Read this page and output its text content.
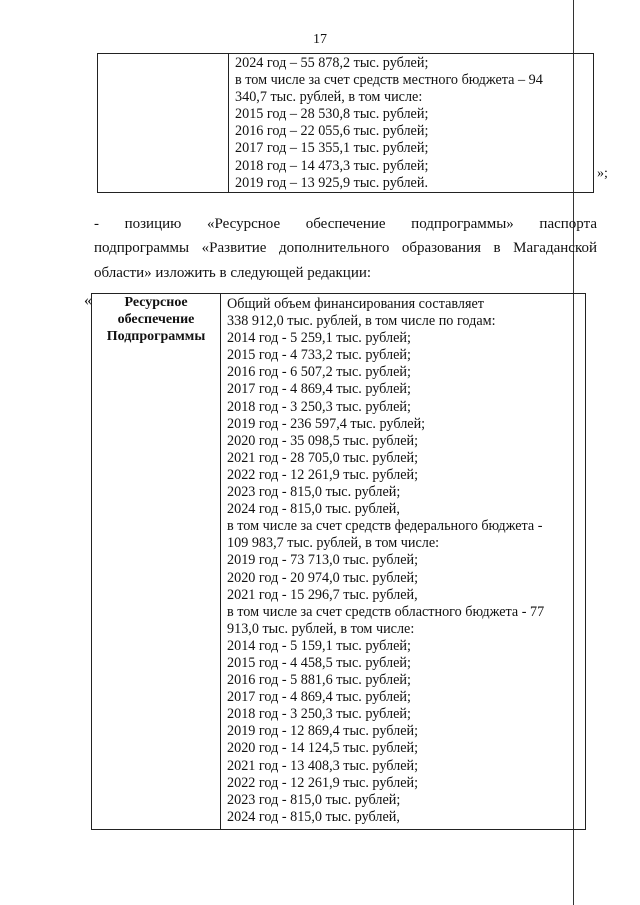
17

2024 год – 55 878,2 тыс. рублей;
в том числе за счет средств местного бюджета – 94
340,7 тыс. рублей, в том числе:
2015 год – 28 530,8 тыс. рублей;
2016 год – 22 055,6 тыс. рублей;
2017 год – 15 355,1 тыс. рублей;
2018 год – 14 473,3 тыс. рублей;
2019 год – 13 925,9 тыс. рублей.
»;
- позицию «Ресурсное обеспечение подпрограммы» паспорта
подпрограммы «Развитие дополнительного образования в Магаданской
области» изложить в следующей редакции:
«	Ресурсное
обеспечение
Подпрограммы

Общий объем финансирования составляет
338 912,0 тыс. рублей, в том числе по годам:
2014 год - 5 259,1 тыс. рублей;
2015 год - 4 733,2 тыс. рублей;
2016 год - 6 507,2 тыс. рублей;
2017 год - 4 869,4 тыс. рублей;
2018 год - 3 250,3 тыс. рублей;
2019 год - 236 597,4 тыс. рублей;
2020 год - 35 098,5 тыс. рублей;
2021 год - 28 705,0 тыс. рублей;
2022 год - 12 261,9 тыс. рублей;
2023 год - 815,0 тыс. рублей;
2024 год - 815,0 тыс. рублей,
в том числе за счет средств федерального бюджета -
109 983,7 тыс. рублей, в том числе:
2019 год - 73 713,0 тыс. рублей;
2020 год - 20 974,0 тыс. рублей;
2021 год - 15 296,7 тыс. рублей,
в том числе за счет средств областного бюджета - 77
913,0 тыс. рублей, в том числе:
2014 год - 5 159,1 тыс. рублей;
2015 год - 4 458,5 тыс. рублей;
2016 год - 5 881,6 тыс. рублей;
2017 год - 4 869,4 тыс. рублей;
2018 год - 3 250,3 тыс. рублей;
2019 год - 12 869,4 тыс. рублей;
2020 год - 14 124,5 тыс. рублей;
2021 год - 13 408,3 тыс. рублей;
2022 год - 12 261,9 тыс. рублей;
2023 год - 815,0 тыс. рублей;
2024 год - 815,0 тыс. рублей,
